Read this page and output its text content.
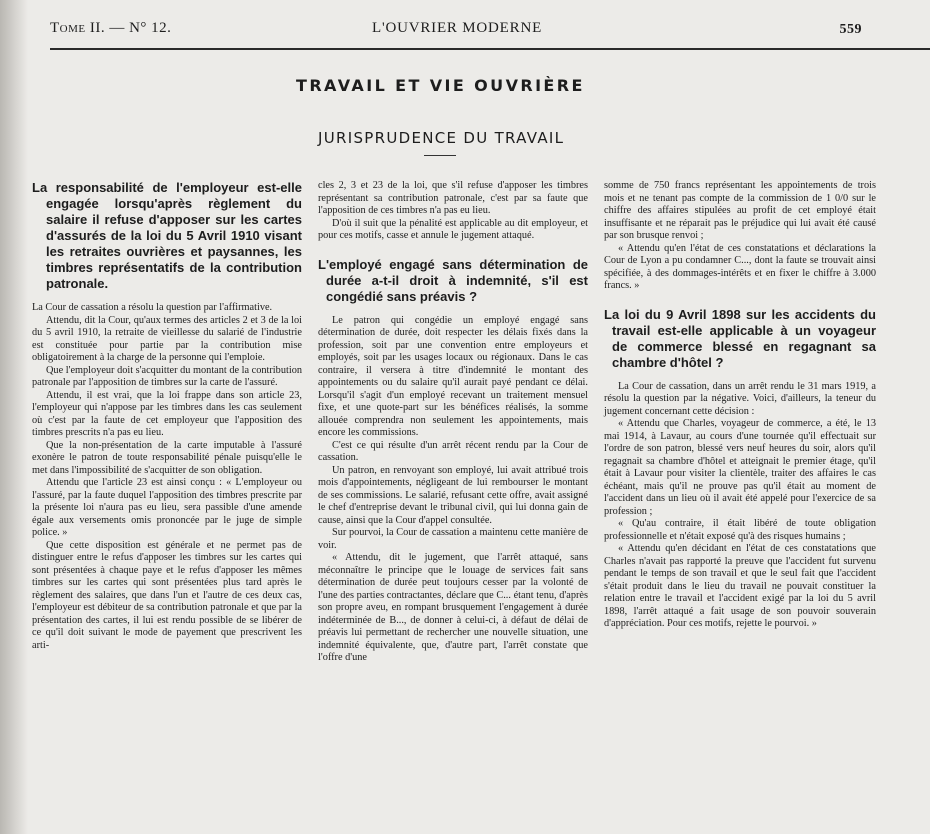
Tome II. — N° 12.	L'OUVRIER MODERNE	559
TRAVAIL ET VIE OUVRIÈRE
JURISPRUDENCE DU TRAVAIL
La responsabilité de l'employeur est-elle engagée lorsqu'après règlement du salaire il refuse d'apposer sur les cartes d'assurés de la loi du 5 Avril 1910 visant les retraites ouvrières et paysannes, les timbres représentatifs de la contribution patronale.

La Cour de cassation a résolu la question par l'affirmative.

Attendu, dit la Cour, qu'aux termes des articles 2 et 3 de la loi du 5 avril 1910, la retraite de vieillesse du salarié de l'industrie est constituée pour partie par la contribution mise obligatoirement à la charge de la personne qui l'emploie.

Que l'employeur doit s'acquitter du montant de la contribution patronale par l'apposition de timbres sur la carte de l'assuré.

Attendu, il est vrai, que la loi frappe dans son article 23, l'employeur qui n'appose par les timbres dans les cas seulement où c'est par la faute de cet employeur que l'apposition des timbres prescrits n'a pas eu lieu.

Que la non-présentation de la carte imputable à l'assuré exonère le patron de toute responsabilité pénale puisqu'elle le met dans l'impossibilité de s'acquitter de son obligation.

Attendu que l'article 23 est ainsi conçu : « L'employeur ou l'assuré, par la faute duquel l'apposition des timbres prescrite par la présente loi n'aura pas eu lieu, sera passible d'une amende égale aux versements omis prononcée par le juge de simple police. »

Que cette disposition est générale et ne permet pas de distinguer entre le refus d'apposer les timbres sur les cartes qui sont présentées à chaque paye et le refus d'apposer les mêmes timbres sur les cartes qui sont présentées plus tard après le règlement des salaires, que dans l'un et l'autre de ces deux cas, l'employeur est débiteur de sa contribution patronale et que par la présentation des cartes, il lui est rendu possible de se libérer de ce qu'il doit suivant le mode de payement que prescrivent les arti-

cles 2, 3 et 23 de la loi, que s'il refuse d'apposer les timbres représentant sa contribution patronale, c'est par sa faute que l'apposition de ces timbres n'a pas eu lieu.

D'où il suit que la pénalité est applicable au dit employeur, et pour ces motifs, casse et annule le jugement attaqué.

L'employé engagé sans détermination de durée a-t-il droit à indemnité, s'il est congédié sans préavis ?

Le patron qui congédie un employé engagé sans détermination de durée, doit respecter les délais fixés dans la profession, soit par une convention entre employeurs et employés, soit par les usages locaux ou régionaux. Dans le cas contraire, il versera à titre d'indemnité le montant des appointements ou du salaire qu'il aurait payé pendant ce délai. Lorsqu'il s'agit d'un employé recevant un traitement mensuel fixe, et une quote-part sur les bénéfices réalisés, la somme allouée comprendra non seulement les appointements, mais encore les commissions.

C'est ce qui résulte d'un arrêt récent rendu par la Cour de cassation.

Un patron, en renvoyant son employé, lui avait attribué trois mois d'appointements, négligeant de lui rembourser le montant de ses commissions. Le salarié, refusant cette offre, avait assigné le chef d'entreprise devant le tribunal civil, qui lui donna gain de cause, ainsi que la Cour d'appel consultée.

Sur pourvoi, la Cour de cassation a maintenu cette manière de voir.

« Attendu, dit le jugement, que l'arrêt attaqué, sans méconnaître le principe que le louage de services fait sans détermination de durée peut toujours cesser par la volonté de l'une des parties contractantes, déclare que C... étant tenu, d'après son propre aveu, en rompant brusquement l'engagement à durée indéterminée de B..., de donner à celui-ci, à défaut de délai de préavis lui permettant de rechercher une nouvelle situation, une indemnité équivalente, que, d'autre part, l'arrêt constate que l'offre d'une

somme de 750 francs représentant les appointements de trois mois et ne tenant pas compte de la commission de 1 0/0 sur le chiffre des affaires stipulées au profit de cet employé était insuffisante et ne réparait pas le préjudice qui lui avait été causé par son brusque renvoi ;

« Attendu qu'en l'état de ces constatations et déclarations la Cour de Lyon a pu condamner C..., dont la faute se trouvait ainsi spécifiée, à des dommages-intérêts et en fixer le chiffre à 3.000 francs. »

La loi du 9 Avril 1898 sur les accidents du travail est-elle applicable à un voyageur de commerce blessé en regagnant sa chambre d'hôtel ?

La Cour de cassation, dans un arrêt rendu le 31 mars 1919, a résolu la question par la négative. Voici, d'ailleurs, la teneur du jugement concernant cette décision :

« Attendu que Charles, voyageur de commerce, a été, le 13 mai 1914, à Lavaur, au cours d'une tournée qu'il effectuait sur l'ordre de son patron, blessé vers neuf heures du soir, alors qu'il regagnait sa chambre d'hôtel et atteignait le premier étage, qu'il était à Lavaur pour visiter la clientèle, traiter des affaires le cas échéant, mais qu'il ne prouve pas qu'il était au moment de l'accident dans un lieu où il avait été appelé pour l'exercice de sa profession ;

« Qu'au contraire, il était libéré de toute obligation professionnelle et n'était exposé qu'à des risques humains ;

« Attendu qu'en décidant en l'état de ces constatations que Charles n'avait pas rapporté la preuve que l'accident fut survenu pendant le temps de son travail et que le seul fait que l'accident s'était produit dans le lieu du travail ne pouvait constituer la relation entre le travail et l'accident exigé par la loi du 5 avril 1898, l'arrêt attaqué a fait usage de son pouvoir souverain d'appréciation. Pour ces motifs, rejette le pourvoi. »
